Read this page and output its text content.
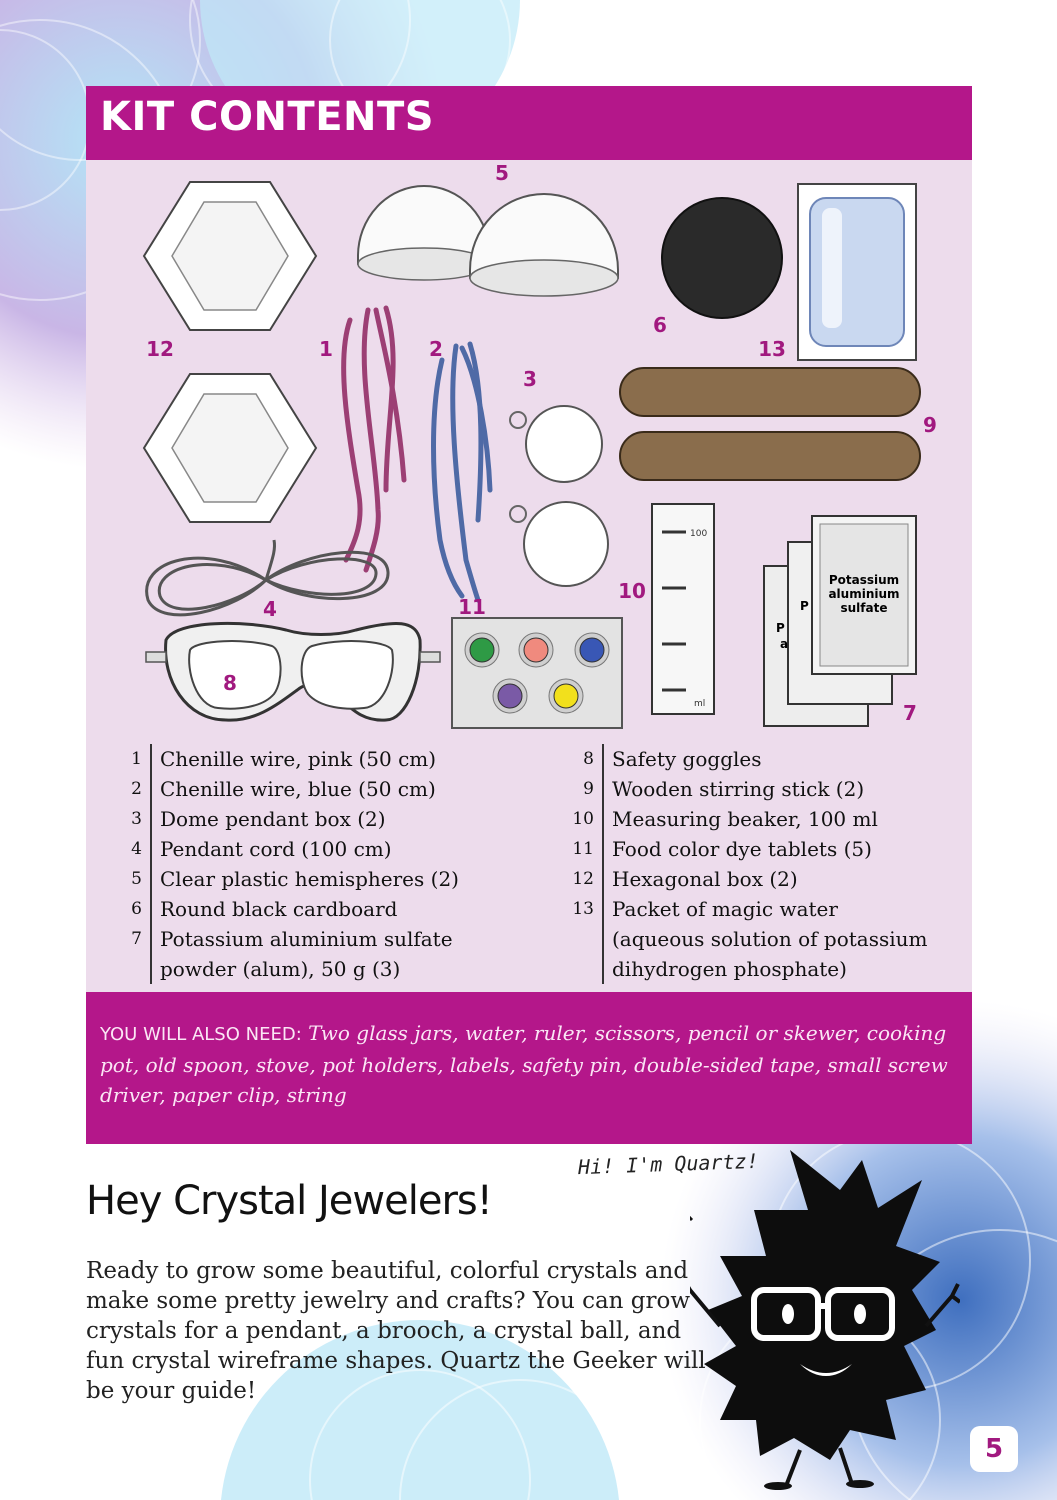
KIT CONTENTS
100
ml
P
a
P
Potassium
aluminium
sulfate
12	1	2
5
6
13
3
9
4	11
10
8
7
1 Chenille wire, pink (50 cm)
2 Chenille wire, blue (50 cm)
3 Dome pendant box (2)
4 Pendant cord (100 cm)
5 Clear plastic hemispheres (2)
6 Round black cardboard
7 Potassium aluminium sulfate
powder (alum), 50 g (3)
8 Safety goggles
9 Wooden stirring stick (2)
10 Measuring beaker, 100 ml
11 Food color dye tablets (5)
12 Hexagonal box (2)
13 Packet of magic water
(aqueous solution of potassium
dihydrogen phosphate)
YOU WILL ALSO NEED: Two glass jars, water, ruler, scissors, pencil or skewer, cooking pot, old spoon, stove, pot holders, labels, safety pin, double-sided tape, small screw driver, paper clip, string
Hey Crystal Jewelers!
Ready to grow some beautiful, colorful crystals and make some pretty jewelry and crafts? You can grow crystals for a pendant, a brooch, a crystal ball, and fun crystal wireframe shapes. Quartz the Geeker will be your guide!
Hi! I'm Quartz!
5
